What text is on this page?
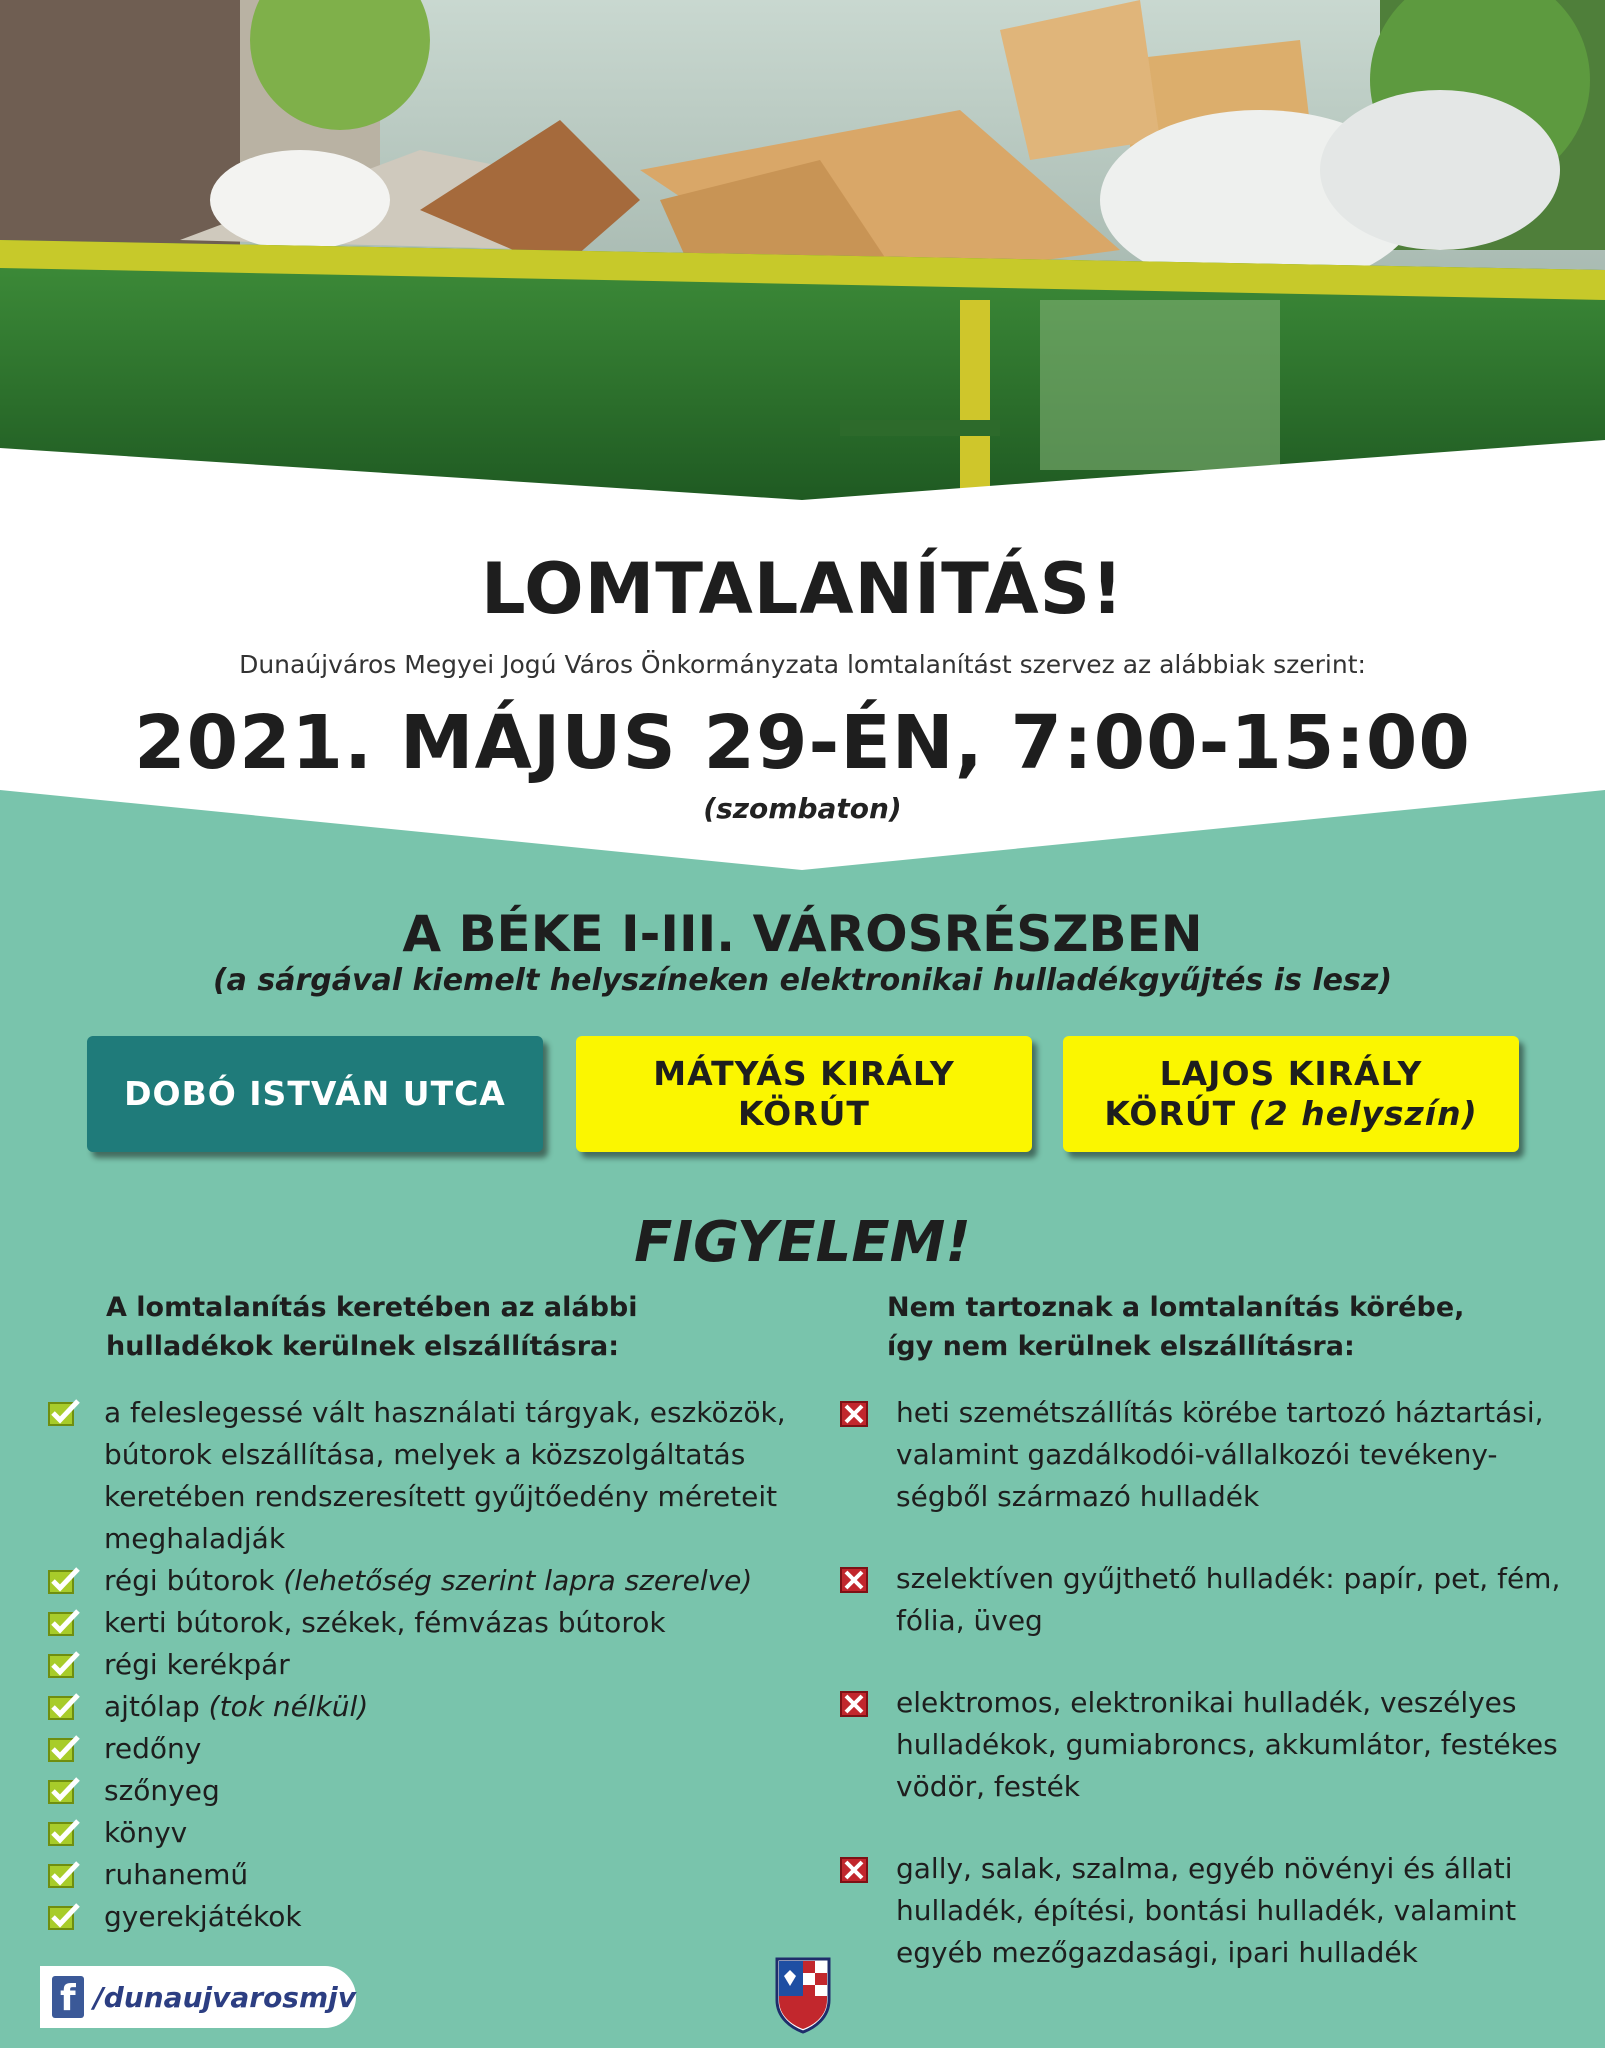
LOMTALANÍTÁS!
Dunaújváros Megyei Jogú Város Önkormányzata lomtalanítást szervez az alábbiak szerint:
2021. MÁJUS 29-ÉN, 7:00-15:00
(szombaton)
A BÉKE I-III. VÁROSRÉSZBEN
(a sárgával kiemelt helyszíneken elektronikai hulladékgyűjtés is lesz)
DOBÓ ISTVÁN UTCA
MÁTYÁS KIRÁLY
KÖRÚT
LAJOS KIRÁLY
KÖRÚT (2 helyszín)
FIGYELEM!
A lomtalanítás keretében az alábbi
hulladékok kerülnek elszállításra:
Nem tartoznak a lomtalanítás körébe,
így nem kerülnek elszállításra:
a feleslegessé vált használati tárgyak, eszközök, bútorok elszállítása, melyek a közszolgáltatás keretében rendszeresített gyűjtőedény méreteit meghaladják
régi bútorok (lehetőség szerint lapra szerelve)
kerti bútorok, székek, fémvázas bútorok
régi kerékpár
ajtólap (tok nélkül)
redőny
szőnyeg
könyv
ruhanemű
gyerekjátékok
heti szemétszállítás körébe tartozó háztartási, valamint gazdálkodói-vállalkozói tevékeny-ségből származó hulladék
szelektíven gyűjthető hulladék: papír, pet, fém, fólia, üveg
elektromos, elektronikai hulladék, veszélyes hulladékok, gumiabroncs, akkumlátor, festékes vödör, festék
gally, salak, szalma, egyéb növényi és állati hulladék, építési, bontási hulladék, valamint egyéb mezőgazdasági, ipari hulladék
f /dunaujvarosmjv
